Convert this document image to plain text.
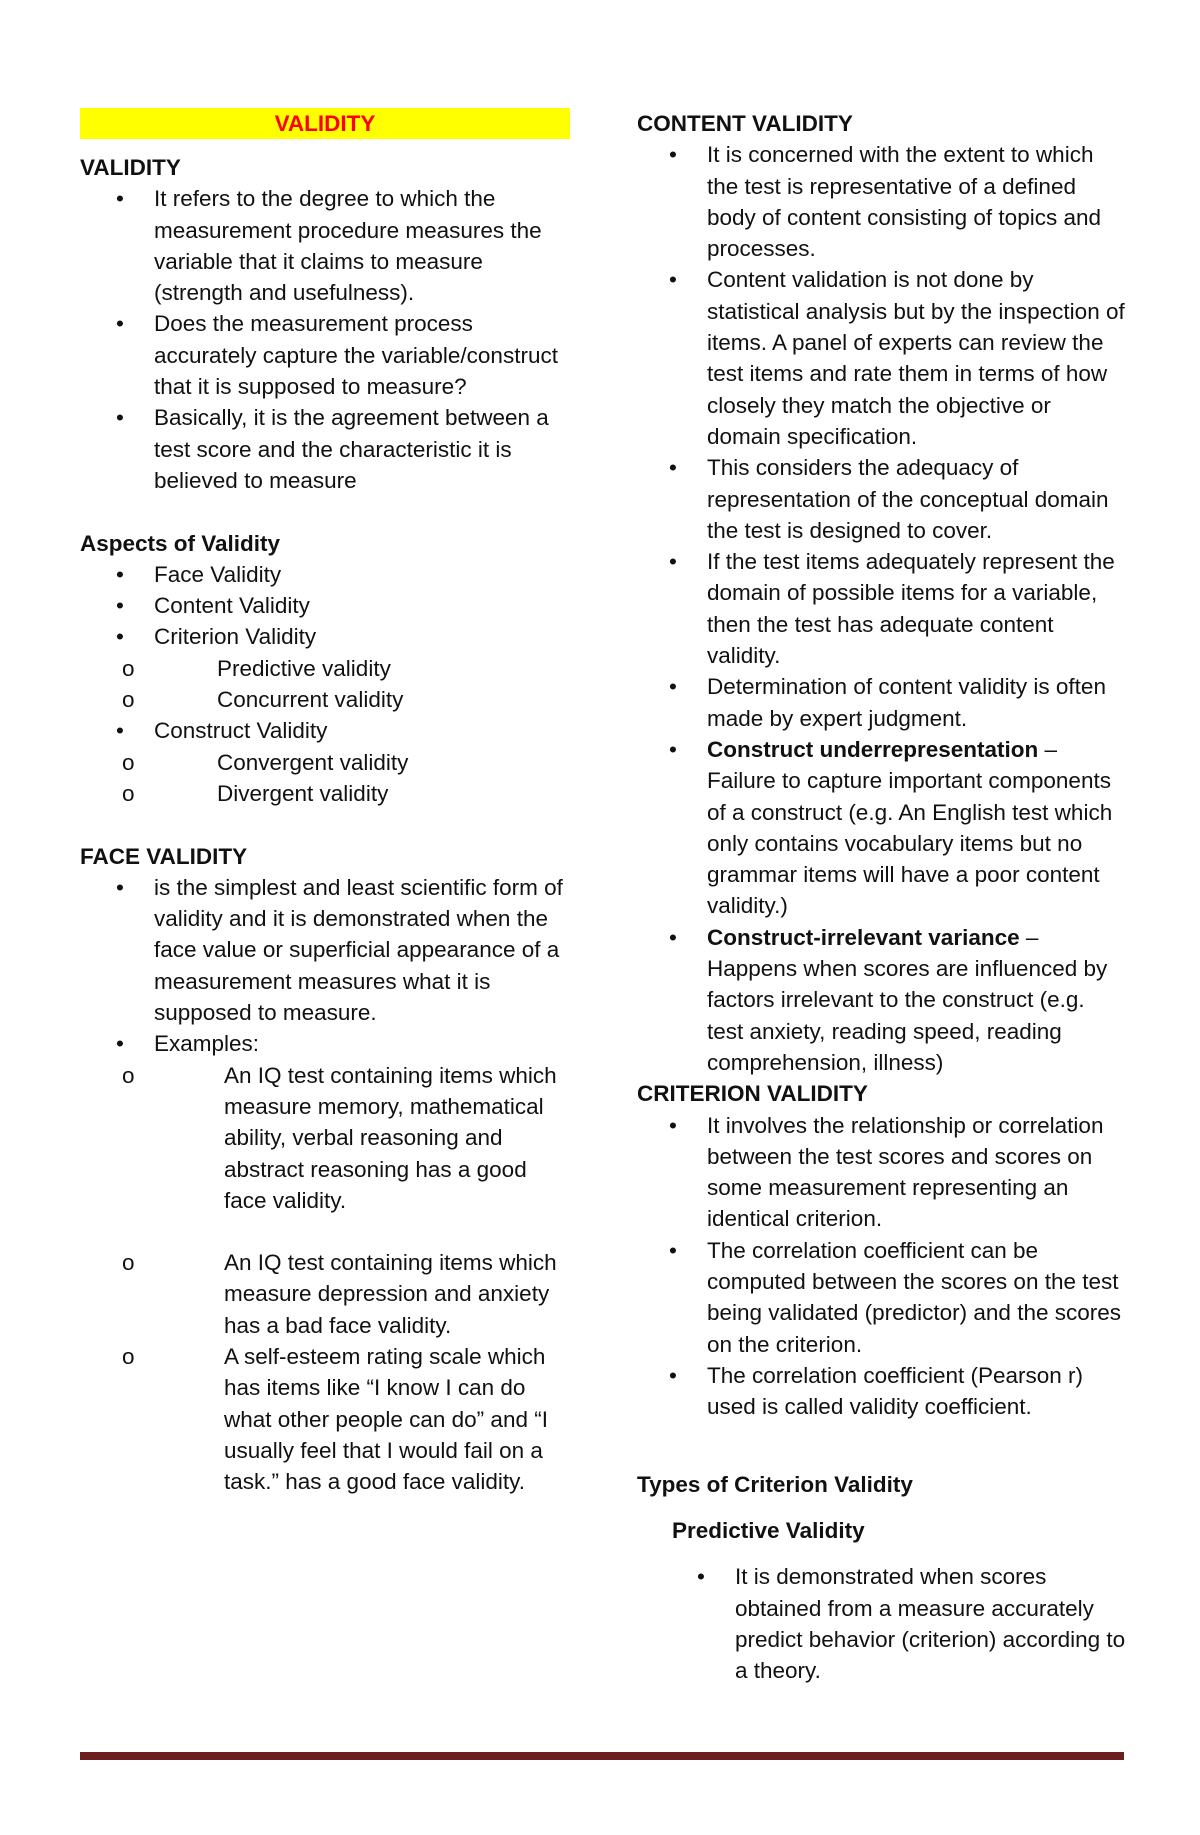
VALIDITY
VALIDITY
• It refers to the degree to which the measurement procedure measures the variable that it claims to measure (strength and usefulness).
• Does the measurement process accurately capture the variable/construct that it is supposed to measure?
• Basically, it is the agreement between a test score and the characteristic it is believed to measure
Aspects of Validity
• Face Validity
• Content Validity
• Criterion Validity
o Predictive validity
o Concurrent validity
• Construct Validity
o Convergent validity
o Divergent validity
FACE VALIDITY
• is the simplest and least scientific form of validity and it is demonstrated when the face value or superficial appearance of a measurement measures what it is supposed to measure.
• Examples:
o An IQ test containing items which measure memory, mathematical ability, verbal reasoning and abstract reasoning has a good face validity.
o An IQ test containing items which measure depression and anxiety has a bad face validity.
o A self-esteem rating scale which has items like “I know I can do what other people can do” and “I usually feel that I would fail on a task.” has a good face validity.
CONTENT VALIDITY
• It is concerned with the extent to which the test is representative of a defined body of content consisting of topics and processes.
• Content validation is not done by statistical analysis but by the inspection of items. A panel of experts can review the test items and rate them in terms of how closely they match the objective or domain specification.
• This considers the adequacy of representation of the conceptual domain the test is designed to cover.
• If the test items adequately represent the domain of possible items for a variable, then the test has adequate content validity.
• Determination of content validity is often made by expert judgment.
• Construct underrepresentation – Failure to capture important components of a construct (e.g. An English test which only contains vocabulary items but no grammar items will have a poor content validity.)
• Construct-irrelevant variance – Happens when scores are influenced by factors irrelevant to the construct (e.g. test anxiety, reading speed, reading comprehension, illness)
CRITERION VALIDITY
• It involves the relationship or correlation between the test scores and scores on some measurement representing an identical criterion.
• The correlation coefficient can be computed between the scores on the test being validated (predictor) and the scores on the criterion.
• The correlation coefficient (Pearson r) used is called validity coefficient.
Types of Criterion Validity
Predictive Validity
• It is demonstrated when scores obtained from a measure accurately predict behavior (criterion) according to a theory.
